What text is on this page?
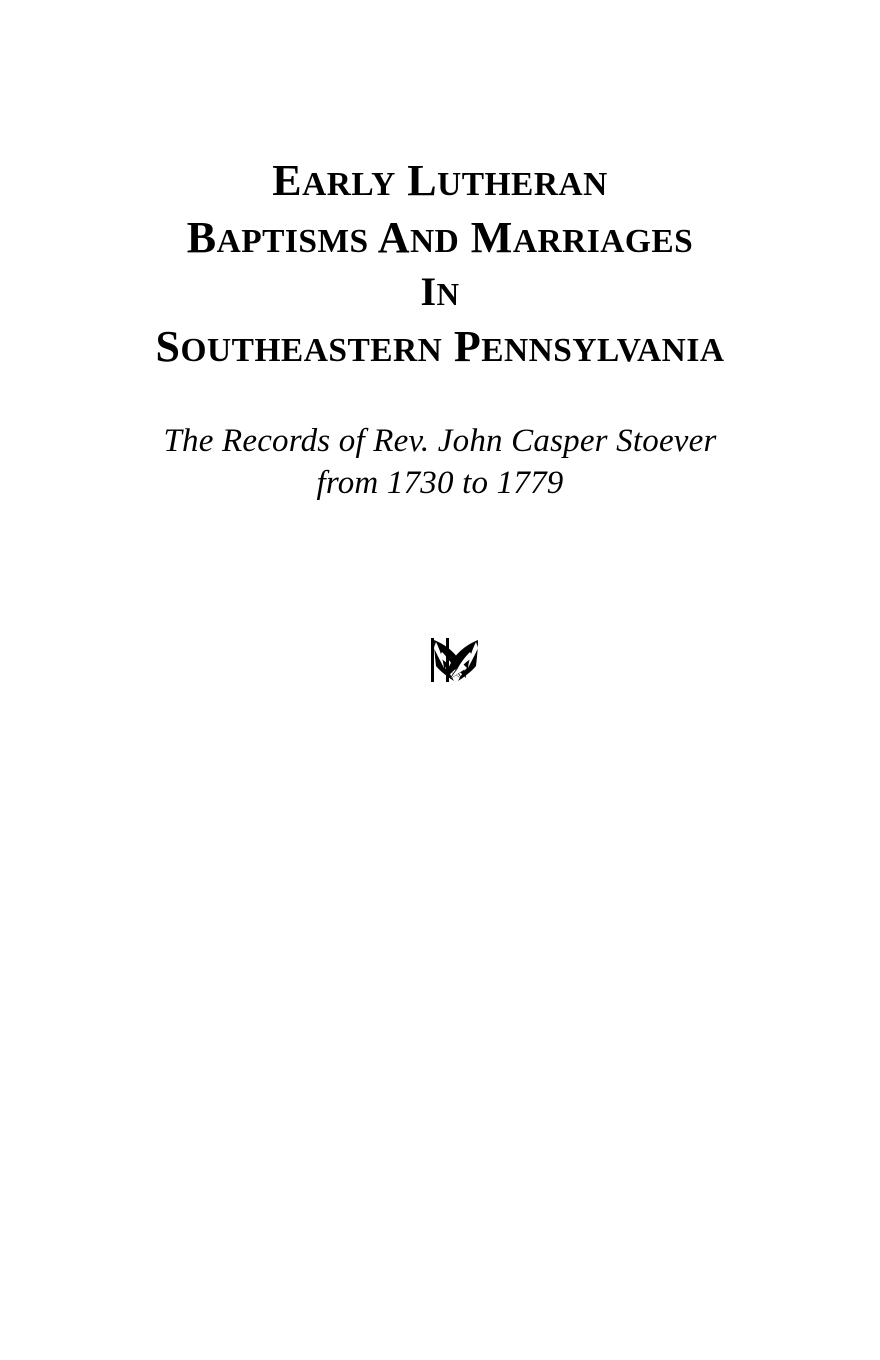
EARLY LUTHERAN
BAPTISMS AND MARRIAGES
IN
SOUTHEASTERN PENNSYLVANIA
The Records of Rev. John Casper Stoever
from 1730 to 1779
